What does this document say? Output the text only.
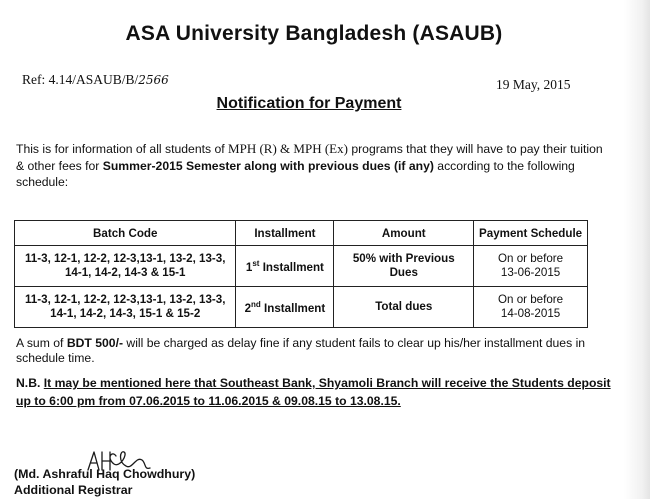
ASA University Bangladesh (ASAUB)
Ref: 4.14/ASAUB/B/2566	19 May, 2015
Notification for Payment
This is for information of all students of MPH (R) & MPH (Ex) programs that they will have to pay their tuition & other fees for Summer-2015 Semester along with previous dues (if any) according to the following schedule:
Batch Code	Installment	Amount	Payment Schedule
11-3, 12-1, 12-2, 12-3,13-1, 13-2, 13-3, 14-1, 14-2, 14-3 & 15-1	1st Installment	50% with Previous Dues	On or before
13-06-2015
11-3, 12-1, 12-2, 12-3,13-1, 13-2, 13-3, 14-1, 14-2, 14-3, 15-1 & 15-2	2nd Installment	Total dues	On or before
14-08-2015
A sum of BDT 500/- will be charged as delay fine if any student fails to clear up his/her installment dues in schedule time.
N.B. It may be mentioned here that Southeast Bank, Shyamoli Branch will receive the Students deposit up to 6:00 pm from 07.06.2015 to 11.06.2015 & 09.08.15 to 13.08.15.
(Md. Ashraful Haq Chowdhury)
Additional Registrar
